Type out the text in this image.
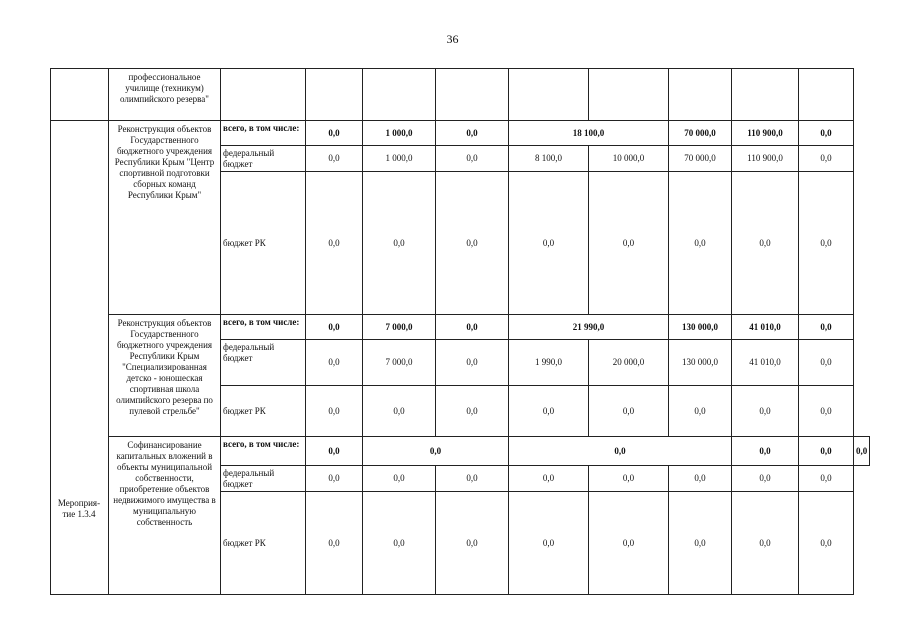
36
	профессиональное училище (техникум) олимпийского резерва"										
	Реконструкция объектов Государственного бюджетного учреждения Республики Крым "Центр спортивной подготовки сборных команд Республики Крым"	всего, в том числе:	0,0	1 000,0	0,0	18 100,0		70 000,0	110 900,0	0,0	
		федеральный бюджет	0,0	1 000,0	0,0	8 100,0	10 000,0	70 000,0	110 900,0	0,0	
		бюджет РК	0,0	0,0	0,0	0,0	0,0	0,0	0,0	0,0	
	Реконструкция объектов Государственного бюджетного учреждения Республики Крым "Специализированная детско - юношеская спортивная школа олимпийского резерва по пулевой стрельбе"	всего, в том числе:	0,0	7 000,0	0,0	21 990,0		130 000,0	41 010,0	0,0	
		федеральный бюджет	0,0	7 000,0	0,0	1 990,0	20 000,0	130 000,0	41 010,0	0,0	
		бюджет РК	0,0	0,0	0,0	0,0	0,0	0,0	0,0	0,0	
	Софинансирование капитальных вложений в объекты муниципальной собственности, приобретение объектов недвижимого имущества в муниципальную собственность	всего, в том числе:	0,0	0,0		0,0			0,0	0,0	0,0
		федеральный бюджет	0,0	0,0	0,0	0,0	0,0	0,0	0,0	0,0	
		бюджет РК	0,0	0,0	0,0	0,0	0,0	0,0	0,0	0,0	
Мероприя-тие 1.3.4
